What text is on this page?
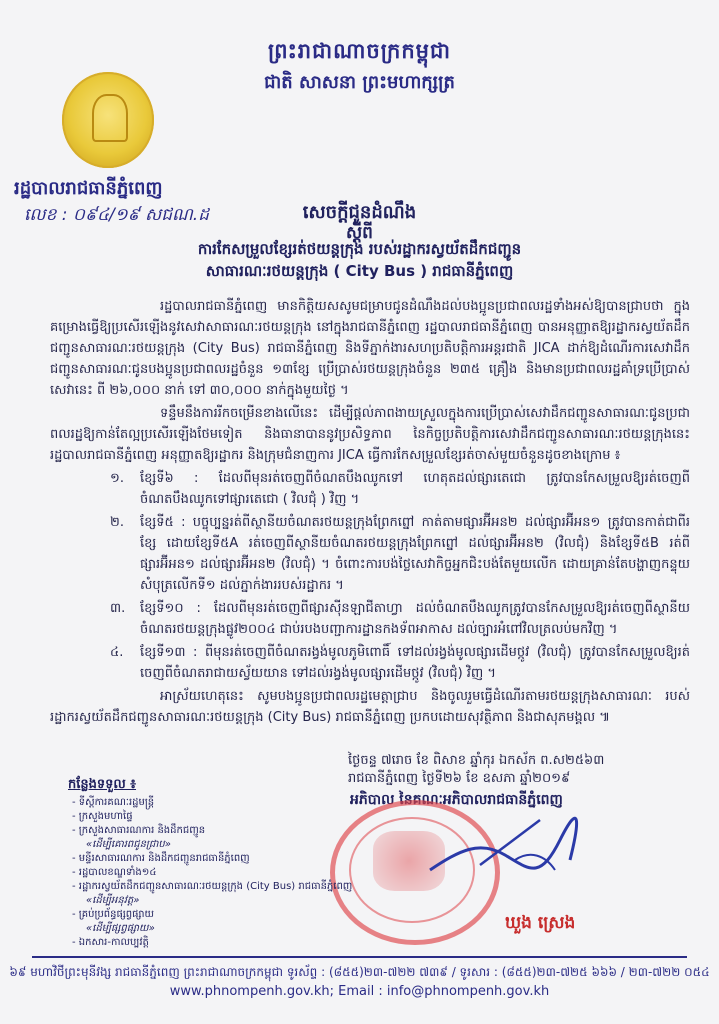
ព្រះរាជាណាចក្រកម្ពុជា
ជាតិ សាសនា ព្រះមហាក្សត្រ
រដ្ឋបាលរាជធានីភ្នំពេញ
លេខ : ០៩៤/១៩ សជណ.ដ	សេចក្តីជូនដំណឹង
ស្តីពី
ការកែសម្រួលខ្សែរត់ថយន្តក្រុង របស់រដ្ឋាករស្វយ័តដឹកជញ្ជូន
សាធារណៈរថយន្តក្រុង ( City Bus ) រាជធានីភ្នំពេញ

រដ្ឋបាលរាជធានីភ្នំពេញ មានកិត្តិយសសូមជម្រាបជូនដំណឹងដល់បងប្អូនប្រជាពលរដ្ឋទាំងអស់ឱ្យបានជ្រាបថា ក្នុងគម្រោងធ្វើឱ្យប្រសើរឡើងនូវសេវាសាធារណៈរថយន្តក្រុង នៅក្នុងរាជធានីភ្នំពេញ រដ្ឋបាលរាជធានីភ្នំពេញ បានអនុញ្ញាតឱ្យរដ្ឋាករស្វយ័តដឹកជញ្ជូនសាធារណៈរថយន្តក្រុង (City Bus) រាជធានីភ្នំពេញ និងទីភ្នាក់ងារសហប្រតិបត្តិការអន្តរជាតិ JICA ដាក់ឱ្យដំណើរការសេវាដឹកជញ្ជូនសាធារណៈជូនបងប្អូនប្រជាពលរដ្ឋចំនួន ១៣ខ្សែ ប្រើប្រាស់រថយន្តក្រុងចំនួន ២៣៥ គ្រឿង និងមានប្រជាពលរដ្ឋគាំទ្រប្រើប្រាស់សេវានេះ ពី ២៦,០០០ នាក់ ទៅ ៣០,០០០ នាក់ក្នុងមួយថ្ងៃ ។

ទន្ទឹមនឹងការរីកចម្រើនខាងលើនេះ ដើម្បីផ្តល់ភាពងាយស្រួលក្នុងការប្រើប្រាស់សេវាដឹកជញ្ជូនសាធារណៈជូនប្រជាពលរដ្ឋឱ្យកាន់តែល្អប្រសើរឡើងថែមទៀត និងធានាបាននូវប្រសិទ្ធភាព នៃកិច្ចប្រតិបត្តិការសេវាដឹកជញ្ជូនសាធារណៈរថយន្តក្រុងនេះ រដ្ឋបាលរាជធានីភ្នំពេញ អនុញ្ញាតឱ្យរដ្ឋាករ និងក្រុមជំនាញការ JICA ធ្វើការកែសម្រួលខ្សែរត់ចាស់មួយចំនួនដូចខាងក្រោម ៖

១. ខ្សែទី៦ : ដែលពីមុនរត់ចេញពីចំណតបឹងឈូកទៅ ហេតុតដល់ផ្សារតេជោ ត្រូវបានកែសម្រួលឱ្យរត់ចេញពីចំណតបឹងឈូកទៅផ្សារតេជោ ( វិលជុំ ) វិញ ។
២. ខ្សែទី៥ : បច្ចុប្បន្នរត់ពីស្ថានីយចំណតរថយន្តក្រុងព្រែកព្នៅ កាត់តាមផ្សារអ៊ីអន២ ដល់ផ្សារអ៊ីអន១ ត្រូវបានកាត់ជាពីរខ្សែ ដោយខ្សែទី៥A រត់ចេញពីស្ថានីយចំណតរថយន្តក្រុងព្រែកព្នៅ ដល់ផ្សារអ៊ីអន២ (វិលជុំ) និងខ្សែទី៥B រត់ពីផ្សារអ៊ីអន១ ដល់ផ្សារអ៊ីអន២ (វិលជុំ) ។ ចំពោះការបង់ថ្លៃសេវាកិច្ចអ្នកជិះបង់តែមួយលើក ដោយគ្រាន់តែបង្ហាញកន្ទុយសំបុត្រលើកទី១ ដល់ភ្នាក់ងាររបស់រដ្ឋាករ ។
៣. ខ្សែទី១០ : ដែលពីមុនរត់ចេញពីផ្សារស៊ីនឡាជីតាហ្វា ដល់ចំណតបឹងឈូកត្រូវបានកែសម្រួលឱ្យរត់ចេញពីស្ថានីយចំណតរថយន្តក្រុងផ្លូវ២០០៤ ជាប់របងបញ្ជាការដ្ឋានកងទ័ពអាកាស ដល់ច្បារអំពៅវិលត្រលប់មកវិញ ។
៤. ខ្សែទី១៣ : ពីមុនរត់ចេញពីចំណតរង្វង់មូលភូមិពោធិ៍ ទៅដល់រង្វង់មូលផ្សារដើមថ្កូវ (វិលជុំ) ត្រូវបានកែសម្រួលឱ្យរត់ចេញពីចំណតរាជាយស្វ័យយាន ទៅដល់រង្វង់មូលផ្សារដើមថ្កូវ (វិលជុំ) វិញ ។

អាស្រ័យហេតុនេះ សូមបងប្អូនប្រជាពលរដ្ឋមេត្តាជ្រាប និងចូលរួមធ្វើដំណើរតាមរថយន្តក្រុងសាធារណៈ របស់រដ្ឋាករស្វយ័តដឹកជញ្ជូនសាធារណៈរថយន្តក្រុង (City Bus) រាជធានីភ្នំពេញ ប្រកបដោយសុវត្ថិភាព និងជាសុភមង្គល ៕

ថ្ងៃចន្ទ ៧រោច ខែ ពិសាខ ឆ្នាំកុរ ឯកស័ក ព.ស២៥៦៣
រាជធានីភ្នំពេញ ថ្ងៃទី២៦ ខែ ឧសភា ឆ្នាំ២០១៩
អភិបាល នៃគណៈអភិបាលរាជធានីភ្នំពេញ
ឃួង ស្រេង
កន្លែងទទួល ៖
- ទីស្តីការគណៈរដ្ឋមន្ត្រី
- ក្រសួងមហាផ្ទៃ
- ក្រសួងសាធារណការ និងដឹកជញ្ជូន
«ដើម្បីគោរពជូនជ្រាប»
- មន្ទីរសាធារណការ និងដឹកជញ្ជូនរាជធានីភ្នំពេញ
- រដ្ឋបាលខណ្ឌទាំង១៤
- រដ្ឋាករស្វយ័តដឹកជញ្ជូនសាធារណៈរថយន្តក្រុង (City Bus) រាជធានីភ្នំពេញ
«ដើម្បីអនុវត្ត»
- គ្រប់ប្រព័ន្ធផ្សព្វផ្សាយ
«ដើម្បីផ្សព្វផ្សាយ»
- ឯកសារ-កាលប្បវត្តិ
៦៩ មហាវិថីព្រះមុនីវង្ស រាជធានីភ្នំពេញ ព្រះរាជាណាចក្រកម្ពុជា ទូរស័ព្ទ : (៨៥៥)២៣-៧២២ ៧៣៩ / ទូរសារ : (៨៥៥)២៣-៧២៥ ៦៦៦ / ២៣-៧២២ ០៥៤
www.phnompenh.gov.kh; Email : info@phnompenh.gov.kh
